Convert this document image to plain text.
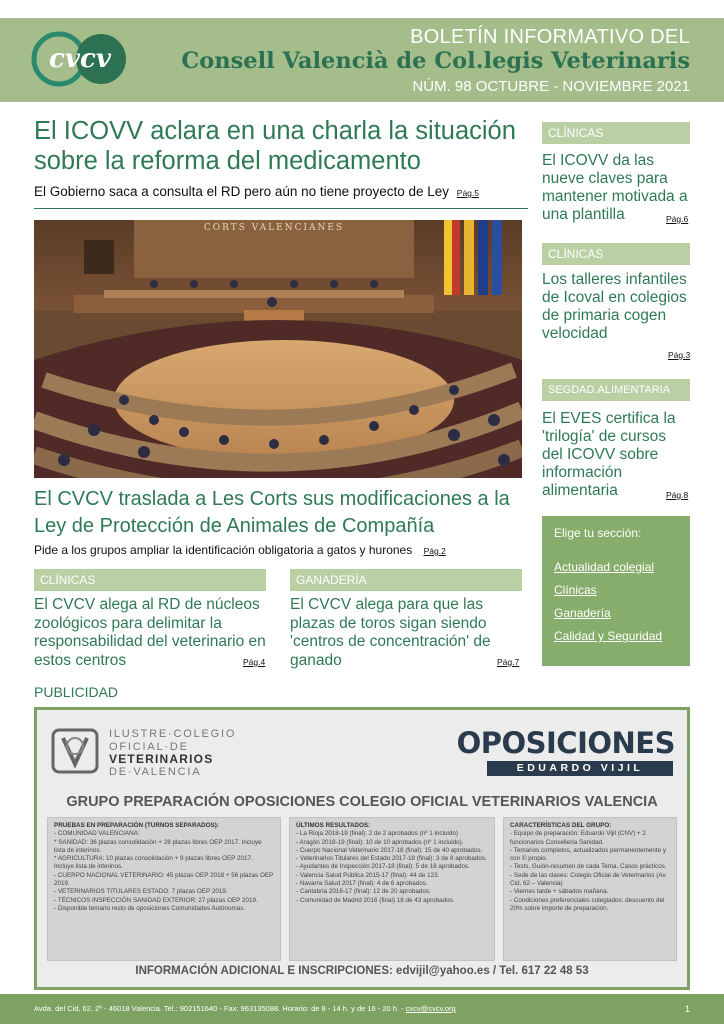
cvcv
BOLETÍN INFORMATIVO DEL
Consell Valencià de Col.legis Veterinaris
NÚM. 98 OCTUBRE - NOVIEMBRE 2021
El ICOVV aclara en una charla la situación sobre la reforma del medicamento
El Gobierno saca a consulta el RD pero aún no tiene proyecto de Ley Pág.5
CORTS VALENCIANES
El CVCV traslada a Les Corts sus modificaciones a la Ley de Protección de Animales de Compañía
Pide a los grupos ampliar la identificación obligatoria a gatos y hurones Pág.2
CLÍNICAS
El CVCV alega al RD de núcleos zoológicos para delimitar la responsabilidad del veterinario en estos centros	Pág.4
GANADERÍA
El CVCV alega para que las plazas de toros sigan siendo 'centros de concentración' de ganado	Pág.7
CLÍNICAS
El ICOVV da las nueve claves para mantener motivada a una plantilla	Pág.6
CLÍNICAS
Los talleres infantiles de Icoval en colegios de primaria cogen velocidad
Pág.3
SEGDAD.ALIMENTARIA
El EVES certifica la 'trilogía' de cursos del ICOVV sobre información alimentaria	Pág.8
Elige tu sección:
Actualidad colegial
Clínicas
Ganadería
Calidad y Seguridad
PUBLICIDAD
ILUSTRE·COLEGIO
OFICIAL·DE
VETERINARIOS
DE·VALENCIA
OPOSICIONES
EDUARDO VIJIL
GRUPO PREPARACIÓN OPOSICIONES COLEGIO OFICIAL VETERINARIOS VALENCIA
PRUEBAS EN PREPARACIÓN (TURNOS SEPARADOS):
- COMUNIDAD VALENCIANA:
* SANIDAD: 36 plazas consolidación + 28 plazas libres OEP 2017. Incluye lista de interinos.
* AGRICULTURA: 10 plazas consolidación + 9 plazas libres OEP 2017. Incluye lista de interinos.
- CUERPO NACIONAL VETERINARIO: 45 plazas OEP 2018 + 56 plazas OEP 2019.
- VETERINARIOS TITULARES ESTADO: 7 plazas OEP 2019.
- TÉCNICOS INSPECCIÓN SANIDAD EXTERIOR: 27 plazas OEP 2019.
- Disponible temario resto de oposiciones Comunidades Autónomas.
ÚLTIMOS RESULTADOS:
- La Rioja 2018-19 (final): 2 de 2 aprobados (nº 1 incluido)
- Aragón 2018-19 (final): 10 de 10 aprobados (nº 1 incluido).
- Cuerpo Nacional Veterinario 2017-18 (final): 15 de 40 aprobados.
- Veterinarios Titulares del Estado 2017-18 (final): 3 de 8 aprobados.
- Ayudantes de Inspección 2017-18 (final): 5 de 18 aprobados.
- Valencia Salud Pública 2015-17 (final): 44 de 123.
- Navarra Salud 2017 (final): 4 de 6 aprobados.
- Cantabria 2016-17 (final): 12 de 20 aprobados.
- Comunidad de Madrid 2016 (final) 18 de 43 aprobados.
CARACTERÍSTICAS DEL GRUPO:
- Equipo de preparación: Eduardo Vijil (CNV) + 2 funcionarios Conselleria Sanidad.
- Temarios completos, actualizados permanentemente y con © propio.
- Tests, Guión-resumen de cada Tema, Casos prácticos.
- Sede de las clases: Colegio Oficial de Veterinarios (Av. Cid, 62 – Valencia)
- Viernes tarde + sábados mañana.
- Condiciones preferenciales colegiados: descuento del 20% sobre importe de preparación.
INFORMACIÓN ADICIONAL E INSCRIPCIONES: edvijil@yahoo.es / Tel. 617 22 48 53
Avda. del Cid, 62, 2º - 46018 Valencia. Tel.: 902151640 - Fax: 963135088. Horario: de 8 - 14 h. y de 16 - 20 h. - cvcv@cvcv.org	1
